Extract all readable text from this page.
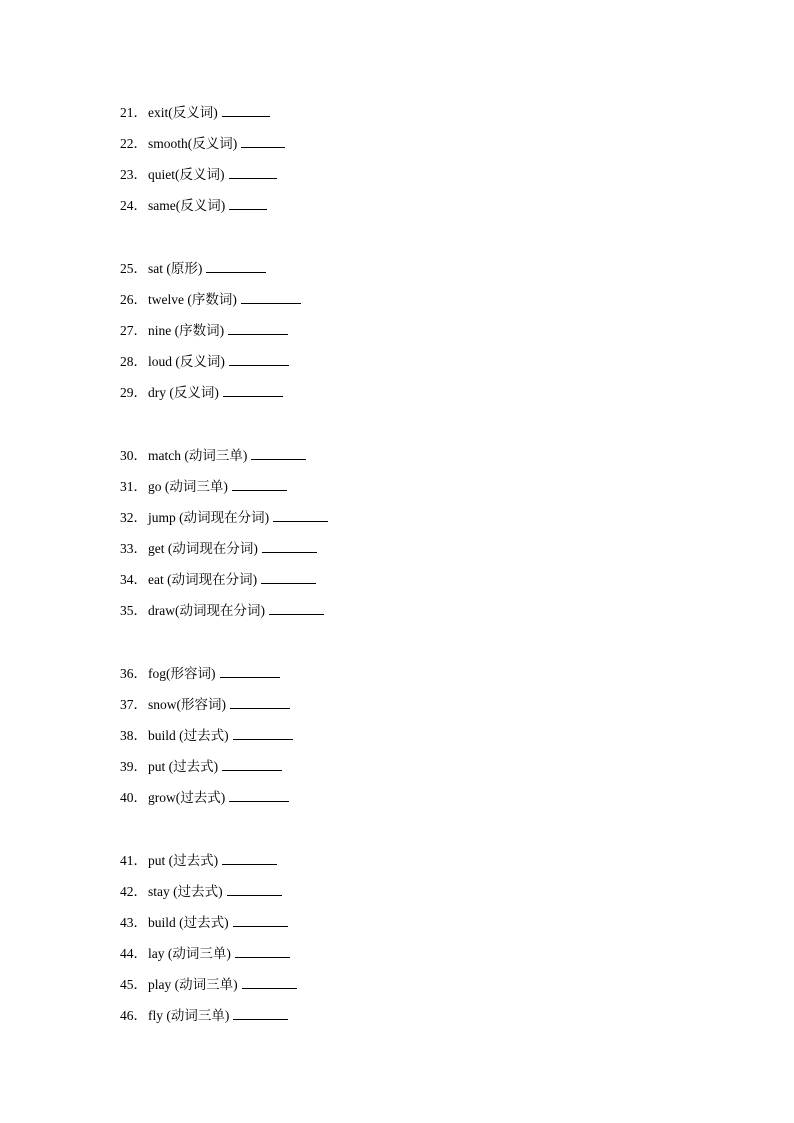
21．exit(反义词)
22．smooth(反义词)
23．quiet(反义词)
24．same(反义词)
25．sat (原形)
26．twelve (序数词)
27．nine (序数词)
28．loud (反义词)
29．dry (反义词)
30．match (动词三单)
31．go (动词三单)
32．jump (动词现在分词)
33．get (动词现在分词)
34．eat (动词现在分词)
35．draw(动词现在分词)
36．fog(形容词)
37．snow(形容词)
38．build (过去式)
39．put (过去式)
40．grow(过去式)
41．put (过去式)
42．stay (过去式)
43．build (过去式)
44．lay (动词三单)
45．play (动词三单)
46．fly (动词三单)
